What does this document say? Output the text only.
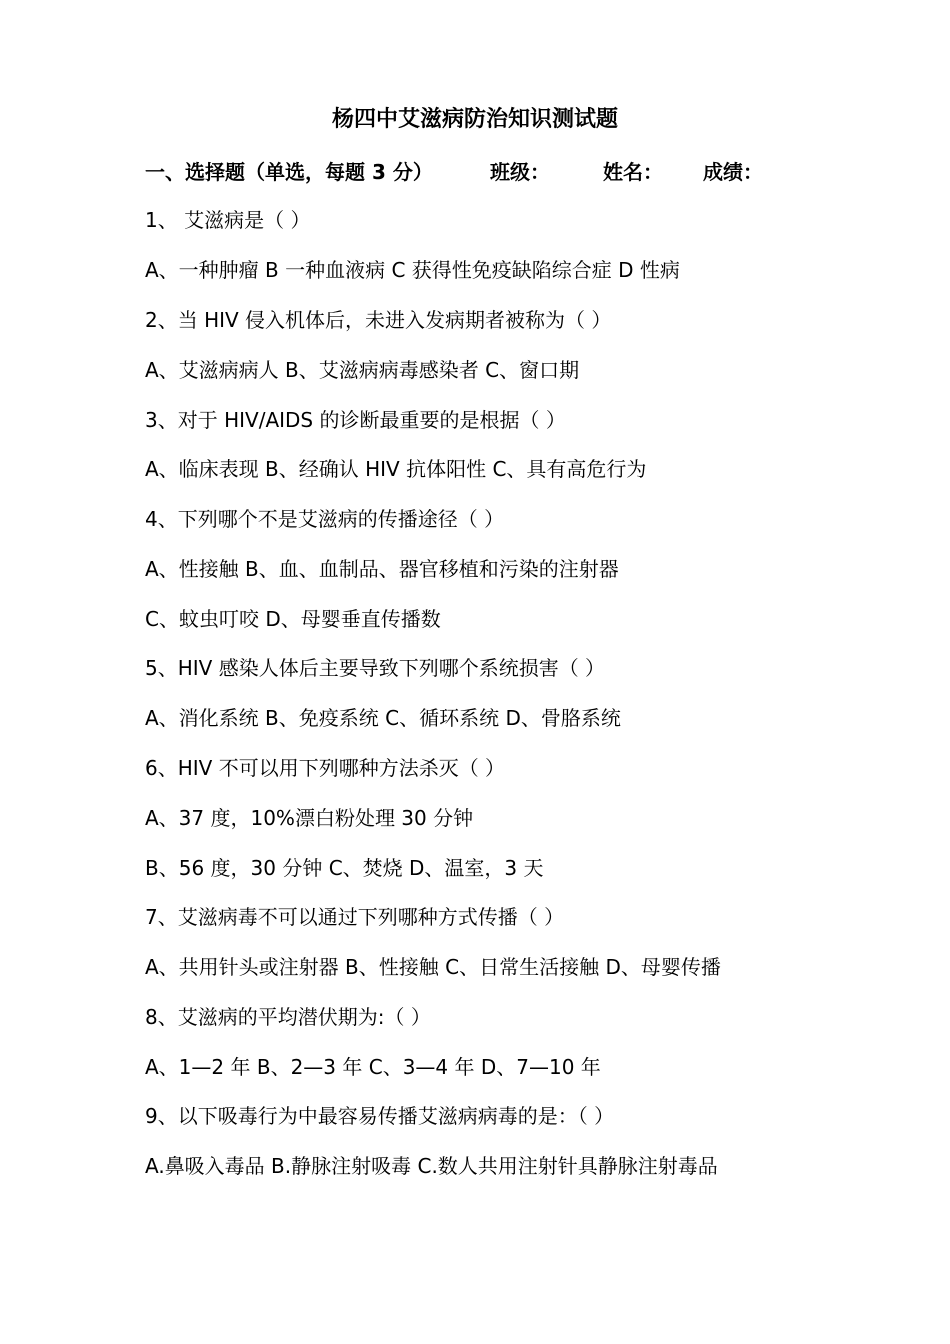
杨四中艾滋病防治知识测试题
一、选择题（单选，每题 3 分）	班级：	姓名： 成绩：
1、 艾滋病是（ ）
A、一种肿瘤 B 一种血液病 C 获得性免疫缺陷综合症 D 性病
2、当 HIV 侵入机体后，未进入发病期者被称为（ ）
A、艾滋病病人 B、艾滋病病毒感染者 C、窗口期
3、对于 HIV/AIDS 的诊断最重要的是根据（ ）
A、临床表现 B、经确认 HIV 抗体阳性 C、具有高危行为
4、下列哪个不是艾滋病的传播途径（ ）
A、性接触 B、血、血制品、器官移植和污染的注射器
C、蚊虫叮咬 D、母婴垂直传播数
5、HIV 感染人体后主要导致下列哪个系统损害（ ）
A、消化系统 B、免疫系统 C、循环系统 D、骨胳系统
6、HIV 不可以用下列哪种方法杀灭（ ）
A、37 度，10%漂白粉处理 30 分钟
B、56 度，30 分钟 C、焚烧 D、温室，3 天
7、艾滋病毒不可以通过下列哪种方式传播（ ）
A、共用针头或注射器 B、性接触 C、日常生活接触 D、母婴传播
8、艾滋病的平均潜伏期为:（ ）
A、1—2 年 B、2—3 年 C、3—4 年 D、7—10 年
9、以下吸毒行为中最容易传播艾滋病病毒的是：（ ）
A.鼻吸入毒品 B.静脉注射吸毒 C.数人共用注射针具静脉注射毒品
